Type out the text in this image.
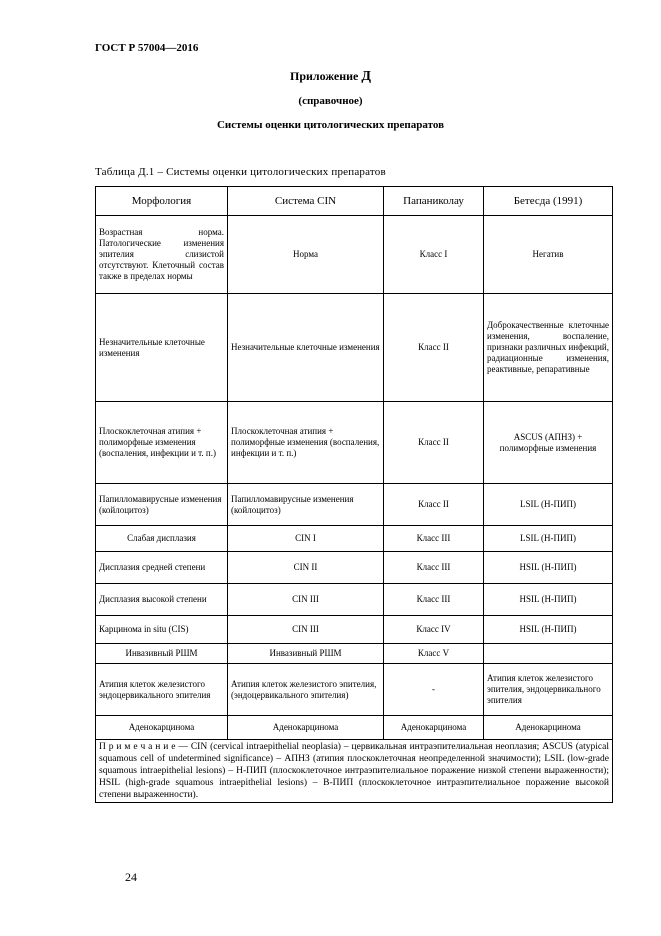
ГОСТ Р 57004—2016
Приложение Д
(справочное)
Системы оценки цитологических препаратов
Таблица Д.1 – Системы оценки цитологических препаратов
Морфология	Система CIN	Папаниколау	Бетесда (1991)
Возрастная норма. Патологические изменения эпителия слизистой отсутствуют. Клеточный состав также в пределах нормы	Норма	Класс I	Негатив
Незначительные клеточные изменения	Незначительные клеточные изменения	Класс II	Доброкачественные клеточные изменения, воспаление, признаки различных инфекций, радиационные изменения, реактивные, репаративные
Плоскоклеточная атипия + полиморфные изменения (воспаления, инфекции и т. п.)	Плоскоклеточная атипия + полиморфные изменения (воспаления, инфекции и т. п.)	Класс II	ASCUS (АПНЗ) + полиморфные изменения
Папилломавирусные изменения (койлоцитоз)	Папилломавирусные изменения (койлоцитоз)	Класс II	LSIL (Н-ПИП)
Слабая дисплазия	CIN I	Класс III	LSIL (Н-ПИП)
Дисплазия средней степени	CIN II	Класс III	HSIL (Н-ПИП)
Дисплазия высокой степени	CIN III	Класс III	HSIL (Н-ПИП)
Карцинома in situ (CIS)	CIN III	Класс IV	HSIL (Н-ПИП)
Инвазивный РШМ	Инвазивный РШМ	Класс V	
Атипия клеток железистого эндоцервикального эпителия	Атипия клеток железистого эпителия, (эндоцервикального эпителия)	-	Атипия клеток железистого эпителия, эндоцервикального эпителия
Аденокарцинома	Аденокарцинома	Аденокарцинома	Аденокарцинома
П р и м е ч а н и е — CIN (cervical intraepithelial neoplasia) – цервикальная интраэпителиальная неоплазия; ASCUS (atypical squamous cell of undetermined significance) – АПНЗ (атипия плоскоклеточная неопределенной значимости); LSIL (low-grade squamous intraepithelial lesions) – Н-ПИП (плоскоклеточное интраэпителиальное поражение низкой степени выраженности); HSIL (high-grade squamous intraepithelial lesions) – В-ПИП (плоскоклеточное интраэпителиальное поражение высокой степени выраженности).			
24
